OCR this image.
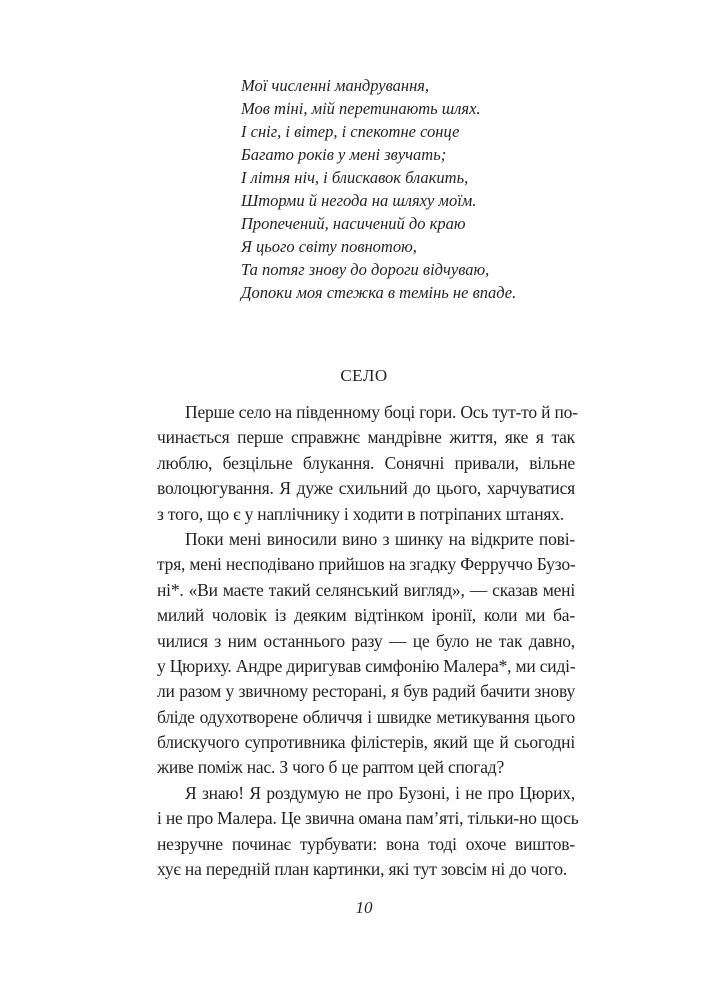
Мої численні мандрування,
Мов тіні, мій перетинають шлях.
І сніг, і вітер, і спекотне сонце
Багато років у мені звучать;
І літня ніч, і блискавок блакить,
Шторми й негода на шляху моїм.
Пропечений, насичений до краю
Я цього світу повнотою,
Та потяг знову до дороги відчуваю,
Допоки моя стежка в темінь не впаде.
СЕЛО
Перше село на південному боці гори. Ось тут-то й по-
чинається перше справжнє мандрівне життя, яке я так
люблю, безцільне блукання. Сонячні привали, вільне
волоцюгування. Я дуже схильний до цього, харчуватися
з того, що є у наплічнику і ходити в потріпаних штанях.
Поки мені виносили вино з шинку на відкрите пові-
тря, мені несподівано прийшов на згадку Ферруччо Бузо-
ні*. «Ви маєте такий селянський вигляд», — сказав мені
милий чоловік із деяким відтінком іронії, коли ми ба-
чилися з ним останнього разу — це було не так давно,
у Цюриху. Андре диригував симфонію Малера*, ми сиді-
ли разом у звичному ресторані, я був радий бачити знову
бліде одухотворене обличчя і швидке метикування цього
блискучого супротивника філістерів, який ще й сьогодні
живе поміж нас. З чого б це раптом цей спогад?
Я знаю! Я роздумую не про Бузоні, і не про Цюрих,
і не про Малера. Це звична омана пам’яті, тільки-но щось
незручне починає турбувати: вона тоді охоче виштов-
хує на передній план картинки, які тут зовсім ні до чого.
10
